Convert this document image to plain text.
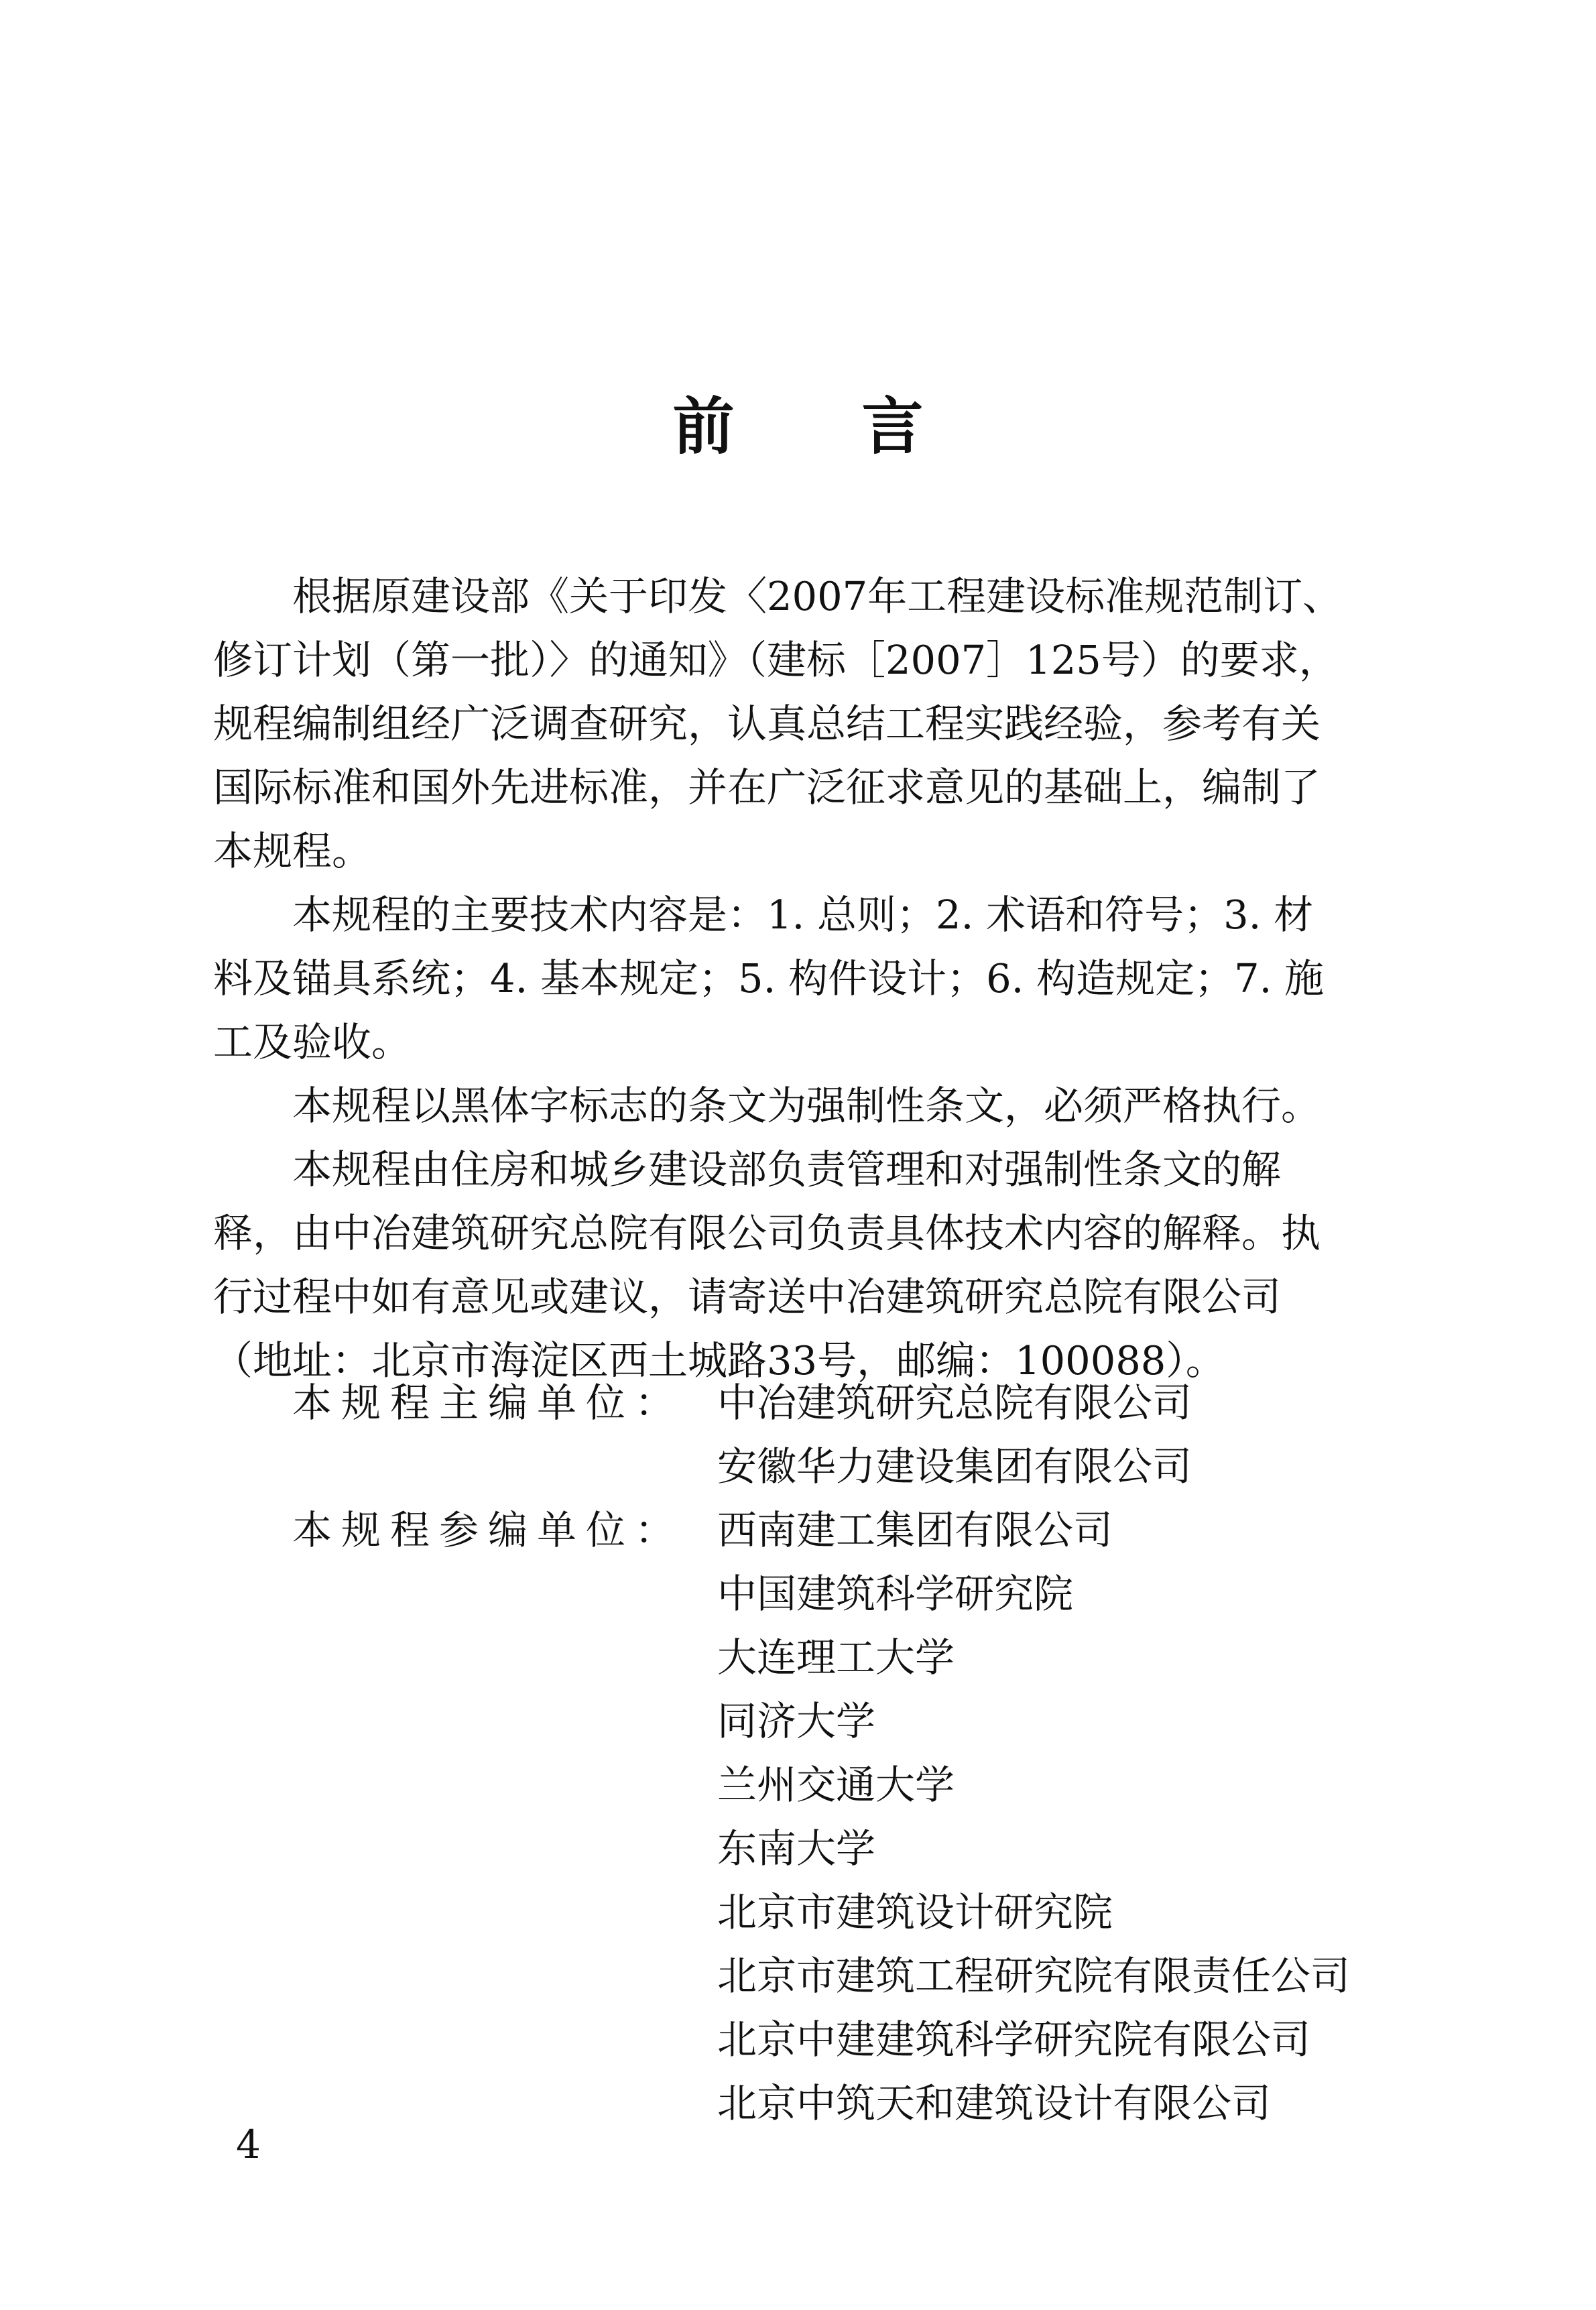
前 言
根据原建设部《关于印发〈2007年工程建设标准规范制订、
修订计划（第一批）〉的通知》（建标［2007］125号）的要求，
规程编制组经广泛调查研究，认真总结工程实践经验，参考有关
国际标准和国外先进标准，并在广泛征求意见的基础上，编制了
本规程。
本规程的主要技术内容是：1. 总则；2. 术语和符号；3. 材
料及锚具系统；4. 基本规定；5. 构件设计；6. 构造规定；7. 施
工及验收。
本规程以黑体字标志的条文为强制性条文，必须严格执行。
本规程由住房和城乡建设部负责管理和对强制性条文的解
释，由中冶建筑研究总院有限公司负责具体技术内容的解释。执
行过程中如有意见或建议，请寄送中冶建筑研究总院有限公司
（地址：北京市海淀区西土城路33号，邮编：100088）。
本规程主编单位： 中冶建筑研究总院有限公司
安徽华力建设集团有限公司
本规程参编单位： 西南建工集团有限公司
中国建筑科学研究院
大连理工大学
同济大学
兰州交通大学
东南大学
北京市建筑设计研究院
北京市建筑工程研究院有限责任公司
北京中建建筑科学研究院有限公司
北京中筑天和建筑设计有限公司
4
